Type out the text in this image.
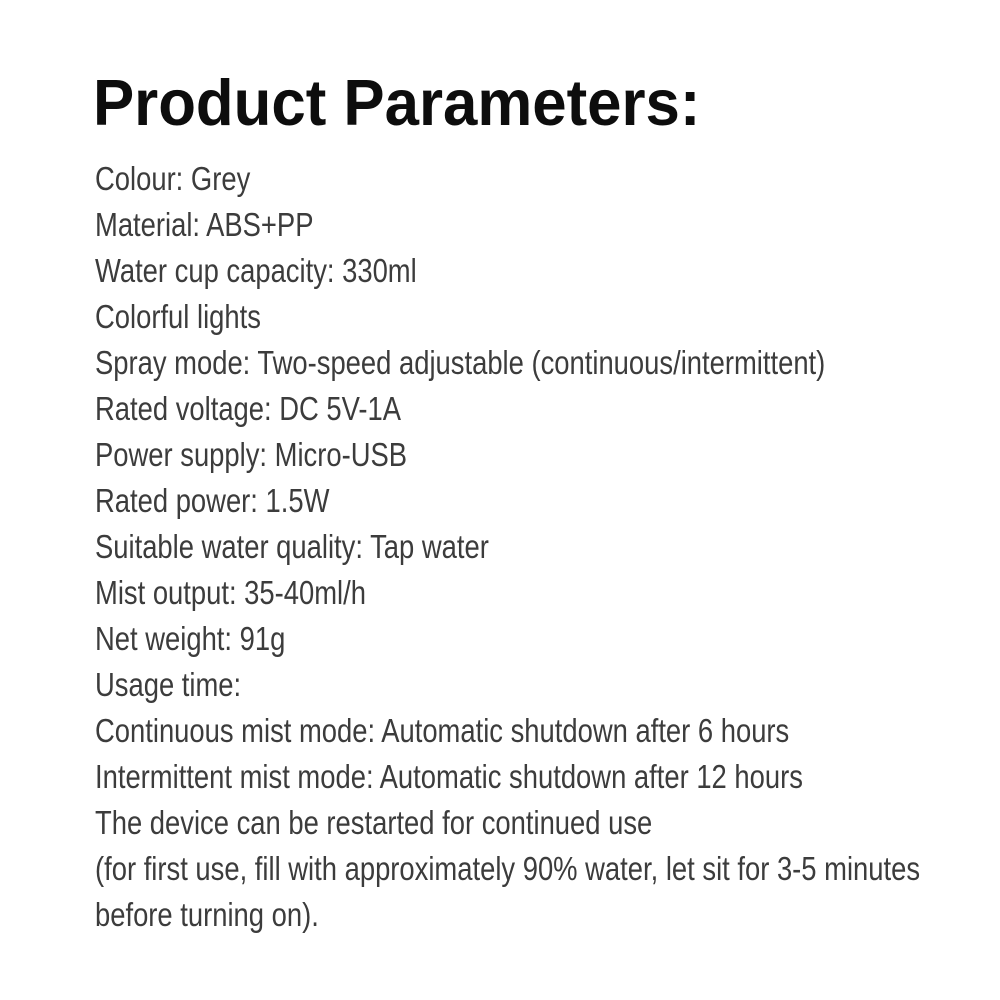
Product Parameters:
Colour: Grey
Material: ABS+PP
Water cup capacity: 330ml
Colorful lights
Spray mode: Two-speed adjustable (continuous/intermittent)
Rated voltage: DC 5V-1A
Power supply: Micro-USB
Rated power: 1.5W
Suitable water quality: Tap water
Mist output: 35-40ml/h
Net weight: 91g
Usage time:
Continuous mist mode: Automatic shutdown after 6 hours
Intermittent mist mode: Automatic shutdown after 12 hours
The device can be restarted for continued use
(for first use, fill with approximately 90% water, let sit for 3-5 minutes
before turning on).
